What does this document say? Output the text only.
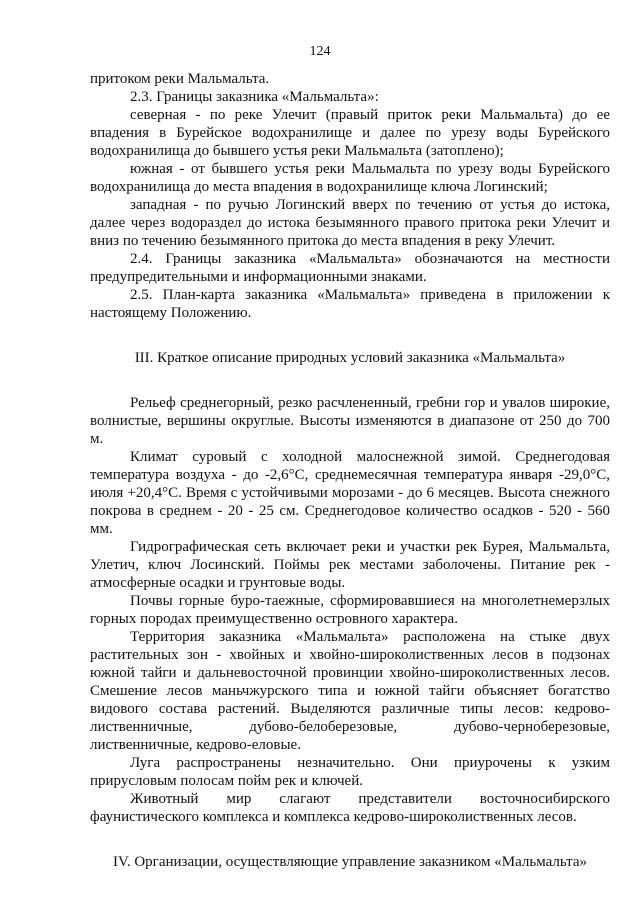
124

притоком реки Мальмальта.

2.3. Границы заказника «Мальмальта»:

северная - по реке Улечит (правый приток реки Мальмальта) до ее впадения в Бурейское водохранилище и далее по урезу воды Бурейского водохранилища до бывшего устья реки Мальмальта (затоплено);

южная - от бывшего устья реки Мальмальта по урезу воды Бурейского водохранилища до места впадения в водохранилище ключа Логинский;

западная - по ручью Логинский вверх по течению от устья до истока, далее через водораздел до истока безымянного правого притока реки Улечит и вниз по течению безымянного притока до места впадения в реку Улечит.

2.4. Границы заказника «Мальмальта» обозначаются на местности предупредительными и информационными знаками.

2.5. План-карта заказника «Мальмальта» приведена в приложении к настоящему Положению.

III. Краткое описание природных условий заказника «Мальмальта»

Рельеф среднегорный, резко расчлененный, гребни гор и увалов широкие, волнистые, вершины округлые. Высоты изменяются в диапазоне от 250 до 700 м.

Климат суровый с холодной малоснежной зимой. Среднегодовая температура воздуха - до -2,6°С, среднемесячная температура января -29,0°С, июля +20,4°С. Время с устойчивыми морозами - до 6 месяцев. Высота снежного покрова в среднем - 20 - 25 см. Среднегодовое количество осадков - 520 - 560 мм.

Гидрографическая сеть включает реки и участки рек Бурея, Мальмальта, Улетич, ключ Лосинский. Поймы рек местами заболочены. Питание рек - атмосферные осадки и грунтовые воды.

Почвы горные буро-таежные, сформировавшиеся на многолетнемерзлых горных породах преимущественно островного характера.

Территория заказника «Мальмальта» расположена на стыке двух растительных зон - хвойных и хвойно-широколиственных лесов в подзонах южной тайги и дальневосточной провинции хвойно-широколиственных лесов. Смешение лесов маньчжурского типа и южной тайги объясняет богатство видового состава растений. Выделяются различные типы лесов: кедрово-лиственничные, дубово-белоберезовые, дубово-черноберезовые, лиственничные, кедрово-еловые.

Луга распространены незначительно. Они приурочены к узким прирусловым полосам пойм рек и ключей.

Животный мир слагают представители восточносибирского фаунистического комплекса и комплекса кедрово-широколиственных лесов.

IV. Организации, осуществляющие управление заказником «Мальмальта»
